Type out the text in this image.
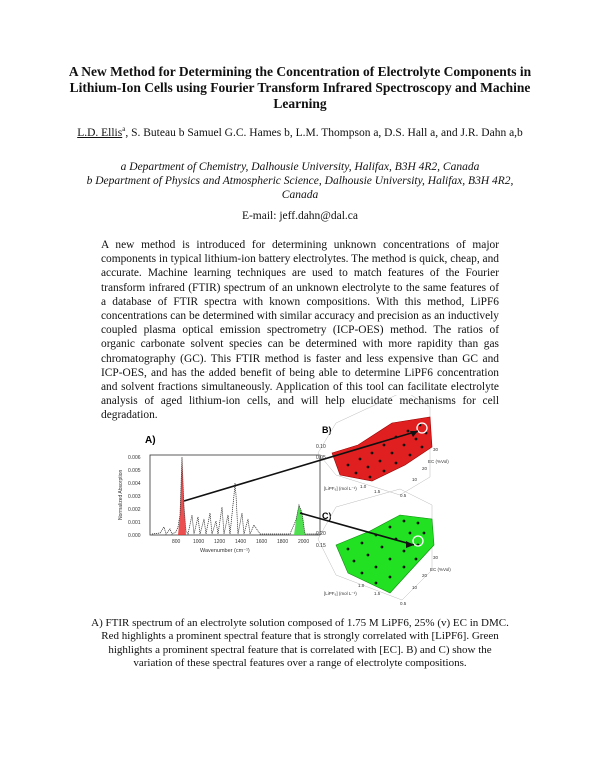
A New Method for Determining the Concentration of Electrolyte Components in Lithium-Ion Cells using Fourier Transform Infrared Spectroscopy and Machine Learning
L.D. Ellis$^a$, S. Buteau b Samuel G.C. Hames b, L.M. Thompson a, D.S. Hall a, and J.R. Dahn a,b
a Department of Chemistry, Dalhousie University, Halifax, B3H 4R2, Canada
b Department of Physics and Atmospheric Science, Dalhousie University, Halifax, B3H 4R2, Canada
E-mail: jeff.dahn@dal.ca
A new method is introduced for determining unknown concentrations of major components in typical lithium-ion battery electrolytes. The method is quick, cheap, and accurate. Machine learning techniques are used to match features of the Fourier transform infrared (FTIR) spectrum of an unknown electrolyte to the same features of a database of FTIR spectra with known compositions. With this method, LiPF6 concentrations can be determined with similar accuracy and precision as an inductively coupled plasma optical emission spectrometry (ICP-OES) method. The ratios of organic carbonate solvent species can be determined with more rapidity than gas chromatography (GC). This FTIR method is faster and less expensive than GC and ICP-OES, and has the added benefit of being able to determine LiPF6 concentration and solvent fractions simultaneously. Application of this tool can facilitate electrolyte analysis of aged lithium-ion cells, and will help elucidate mechanisms for cell degradation.
A)
0.000
0.001
0.002
0.003
0.004
0.005
0.006
Normalized Absorption
800	1000 1200 1400 1600 1800 2000
Wavenumber (cm⁻¹)
B)
0.10
0.05
[LiPF₆] (mol L⁻¹) 1.0
1.5
EC (%Vol)
30
20
10
0.5
C)
0.20
0.15
[LiPF₆] (mol L⁻¹)
1.0
1.5
EC (%Vol)
30
20
10
0.5
A) FTIR spectrum of an electrolyte solution composed of 1.75 M LiPF6, 25% (v) EC in DMC. Red highlights a prominent spectral feature that is strongly correlated with [LiPF6]. Green highlights a prominent spectral feature that is correlated with [EC]. B) and C) show the variation of these spectral features over a range of electrolyte compositions.
